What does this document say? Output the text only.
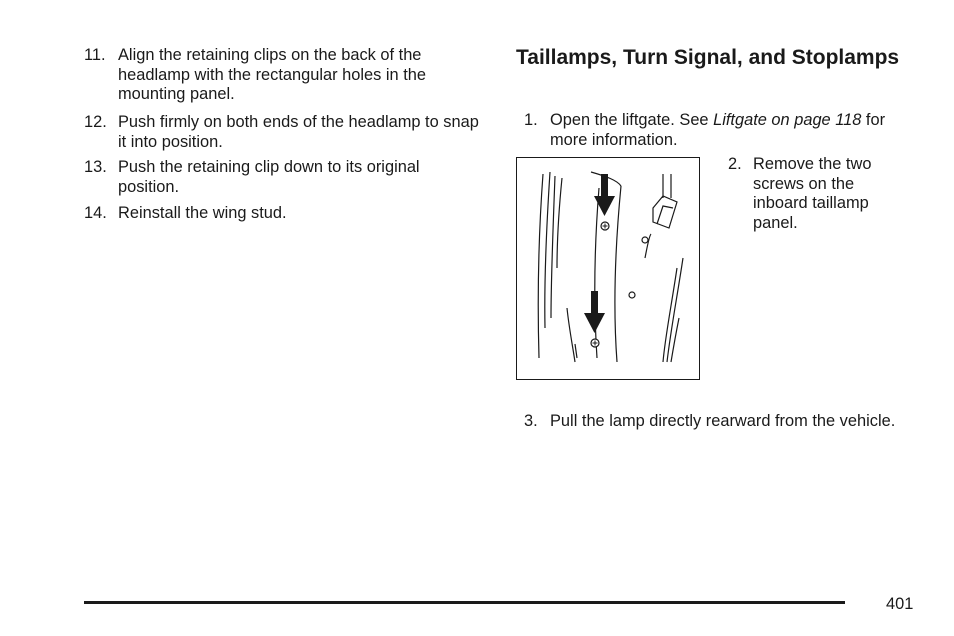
11. Align the retaining clips on the back of the headlamp with the rectangular holes in the mounting panel.
12. Push firmly on both ends of the headlamp to snap it into position.
13. Push the retaining clip down to its original position.
14. Reinstall the wing stud.
Taillamps, Turn Signal, and Stoplamps
1. Open the liftgate. See Liftgate on page 118 for more information.
2. Remove the two screws on the inboard taillamp panel.
3. Pull the lamp directly rearward from the vehicle.
401
